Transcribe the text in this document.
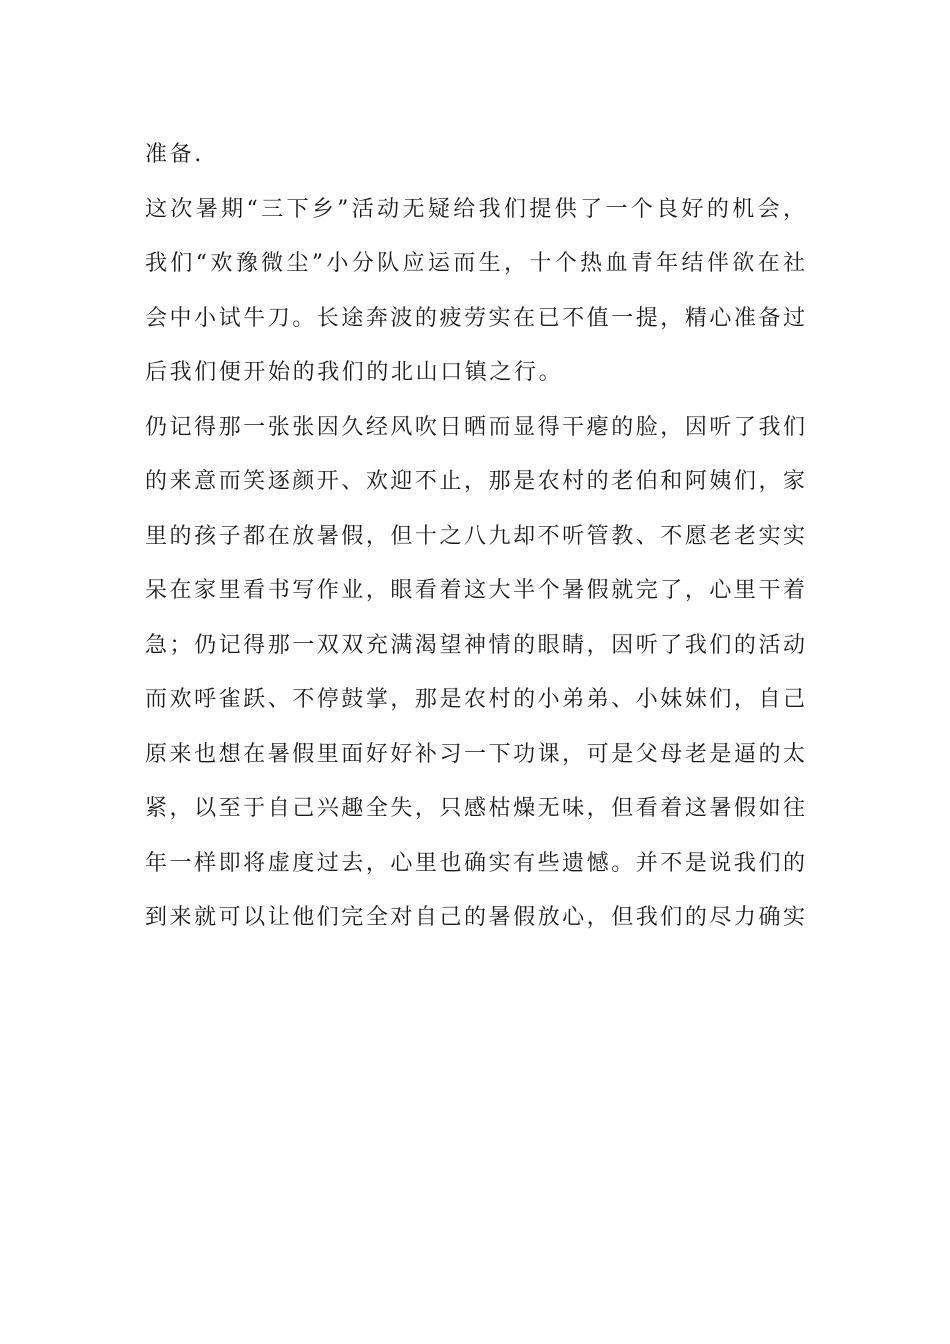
准备.
这次暑期“三下乡”活动无疑给我们提供了一个良好的机会，
我们“欢豫微尘”小分队应运而生，十个热血青年结伴欲在社
会中小试牛刀。长途奔波的疲劳实在已不值一提，精心准备过
后我们便开始的我们的北山口镇之行。
仍记得那一张张因久经风吹日晒而显得干瘪的脸，因听了我们
的来意而笑逐颜开、欢迎不止，那是农村的老伯和阿姨们，家
里的孩子都在放暑假，但十之八九却不听管教、不愿老老实实
呆在家里看书写作业，眼看着这大半个暑假就完了，心里干着
急；仍记得那一双双充满渴望神情的眼睛，因听了我们的活动
而欢呼雀跃、不停鼓掌，那是农村的小弟弟、小妹妹们，自己
原来也想在暑假里面好好补习一下功课，可是父母老是逼的太
紧，以至于自己兴趣全失，只感枯燥无味，但看着这暑假如往
年一样即将虚度过去，心里也确实有些遗憾。并不是说我们的
到来就可以让他们完全对自己的暑假放心，但我们的尽力确实
